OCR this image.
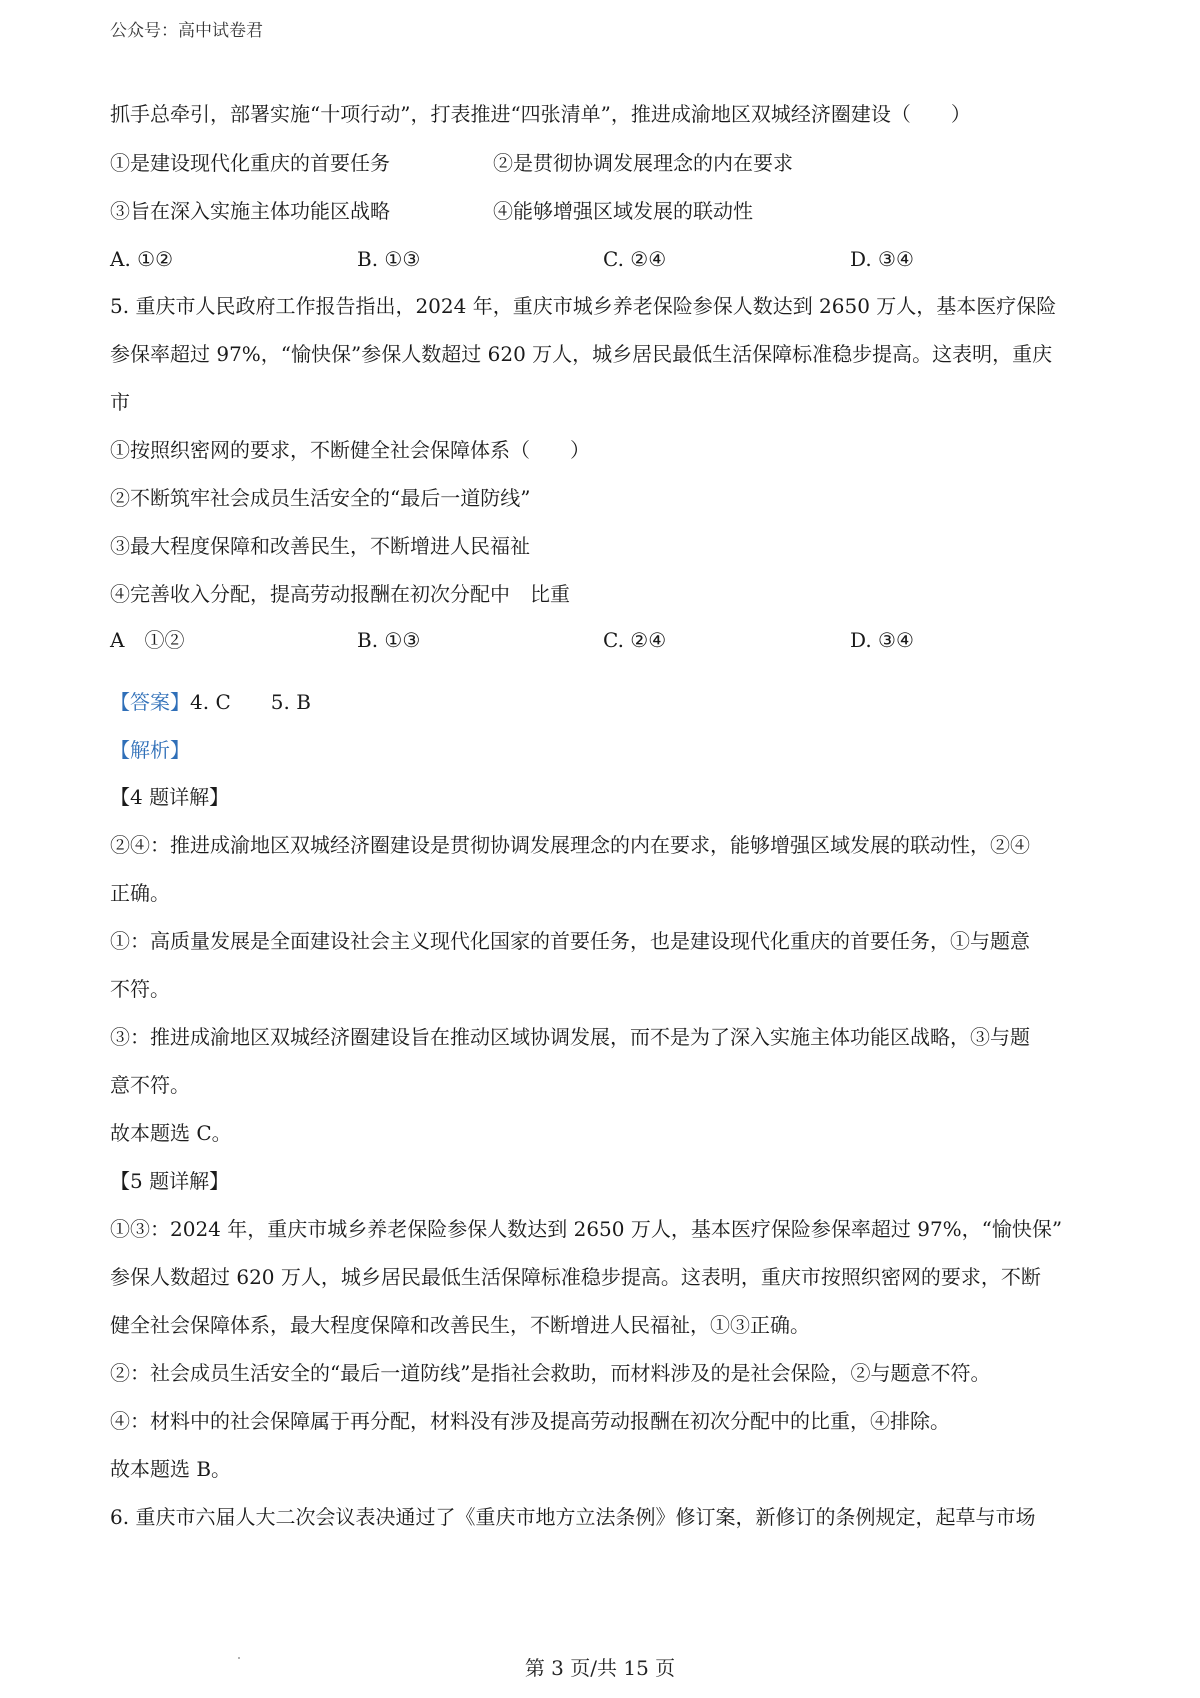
公众号：高中试卷君
抓手总牵引，部署实施“十项行动”，打表推进“四张清单”，推进成渝地区双城经济圈建设（　　）
①是建设现代化重庆的首要任务	②是贯彻协调发展理念的内在要求
③旨在深入实施主体功能区战略	④能够增强区域发展的联动性
A. ①②	B. ①③	C. ②④	D. ③④
5. 重庆市人民政府工作报告指出，2024 年，重庆市城乡养老保险参保人数达到 2650 万人，基本医疗保险
参保率超过 97%，“愉快保”参保人数超过 620 万人，城乡居民最低生活保障标准稳步提高。这表明，重庆
市
①按照织密网的要求，不断健全社会保障体系（　　）
②不断筑牢社会成员生活安全的“最后一道防线”
③最大程度保障和改善民生，不断增进人民福祉
④完善收入分配，提高劳动报酬在初次分配中　比重
A　①②	B. ①③	C. ②④	D. ③④
【答案】4. C 5. B
【解析】
【4 题详解】
②④：推进成渝地区双城经济圈建设是贯彻协调发展理念的内在要求，能够增强区域发展的联动性，②④
正确。
①：高质量发展是全面建设社会主义现代化国家的首要任务，也是建设现代化重庆的首要任务，①与题意
不符。
③：推进成渝地区双城经济圈建设旨在推动区域协调发展，而不是为了深入实施主体功能区战略，③与题
意不符。
故本题选 C。
【5 题详解】
①③：2024 年，重庆市城乡养老保险参保人数达到 2650 万人，基本医疗保险参保率超过 97%，“愉快保”
参保人数超过 620 万人，城乡居民最低生活保障标准稳步提高。这表明，重庆市按照织密网的要求，不断
健全社会保障体系，最大程度保障和改善民生，不断增进人民福祉，①③正确。
②：社会成员生活安全的“最后一道防线”是指社会救助，而材料涉及的是社会保险，②与题意不符。
④：材料中的社会保障属于再分配，材料没有涉及提高劳动报酬在初次分配中的比重，④排除。
故本题选 B。
6. 重庆市六届人大二次会议表决通过了《重庆市地方立法条例》修订案，新修订的条例规定，起草与市场
第 3 页/共 15 页
